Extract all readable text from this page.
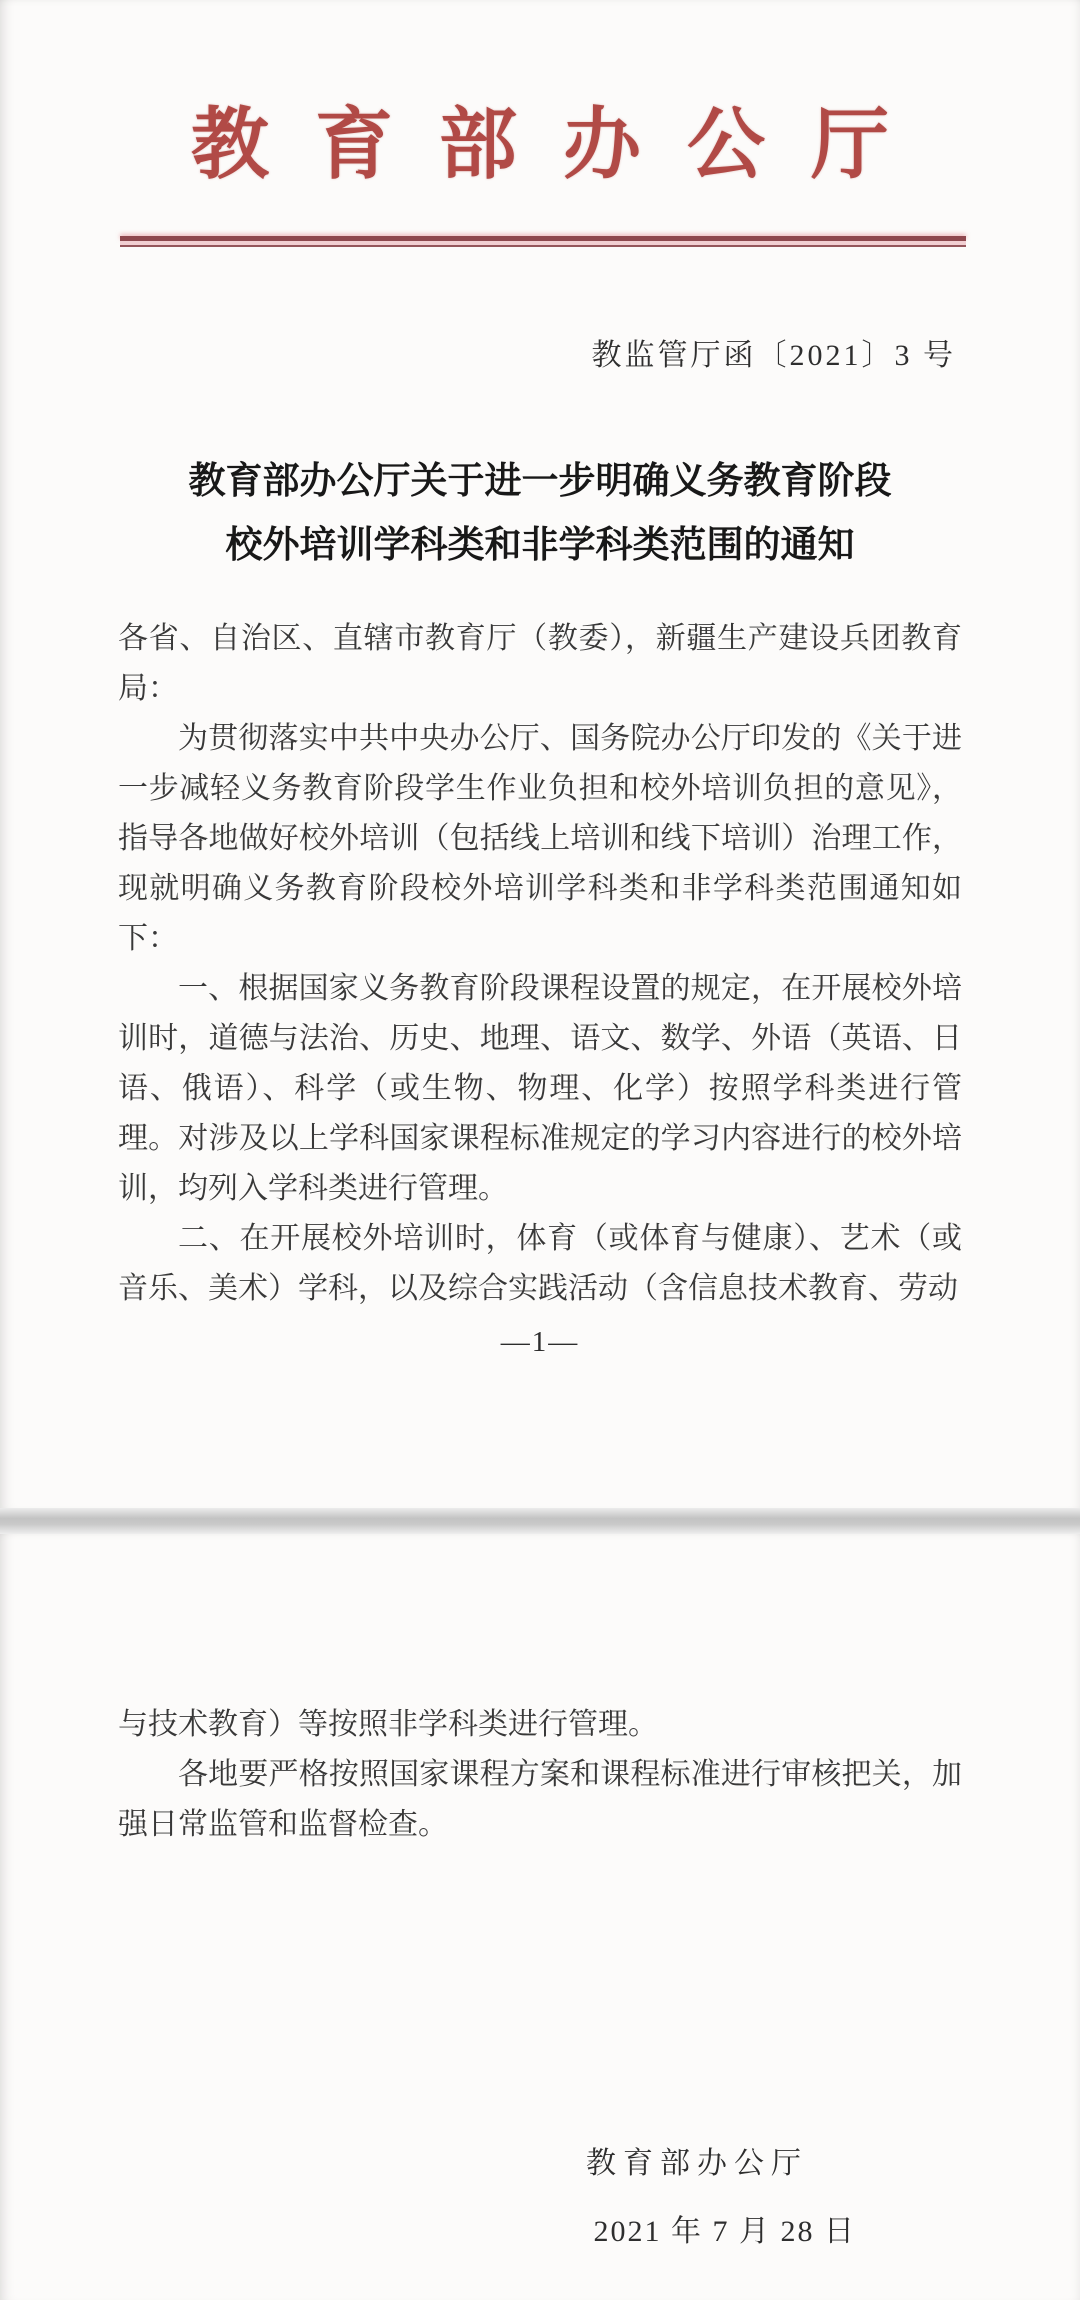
教育部办公厅
教监管厅函〔2021〕3 号
教育部办公厅关于进一步明确义务教育阶段
校外培训学科类和非学科类范围的通知

各省、自治区、直辖市教育厅（教委），新疆生产建设兵团教育局：

为贯彻落实中共中央办公厅、国务院办公厅印发的《关于进一步减轻义务教育阶段学生作业负担和校外培训负担的意见》，指导各地做好校外培训（包括线上培训和线下培训）治理工作，现就明确义务教育阶段校外培训学科类和非学科类范围通知如下：

一、根据国家义务教育阶段课程设置的规定，在开展校外培训时，道德与法治、历史、地理、语文、数学、外语（英语、日语、俄语）、科学（或生物、物理、化学）按照学科类进行管理。对涉及以上学科国家课程标准规定的学习内容进行的校外培训，均列入学科类进行管理。

二、在开展校外培训时，体育（或体育与健康）、艺术（或音乐、美术）学科，以及综合实践活动（含信息技术教育、劳动

—1—

与技术教育）等按照非学科类进行管理。

各地要严格按照国家课程方案和课程标准进行审核把关，加强日常监管和监督检查。

教育部办公厅
2021 年 7 月 28 日
